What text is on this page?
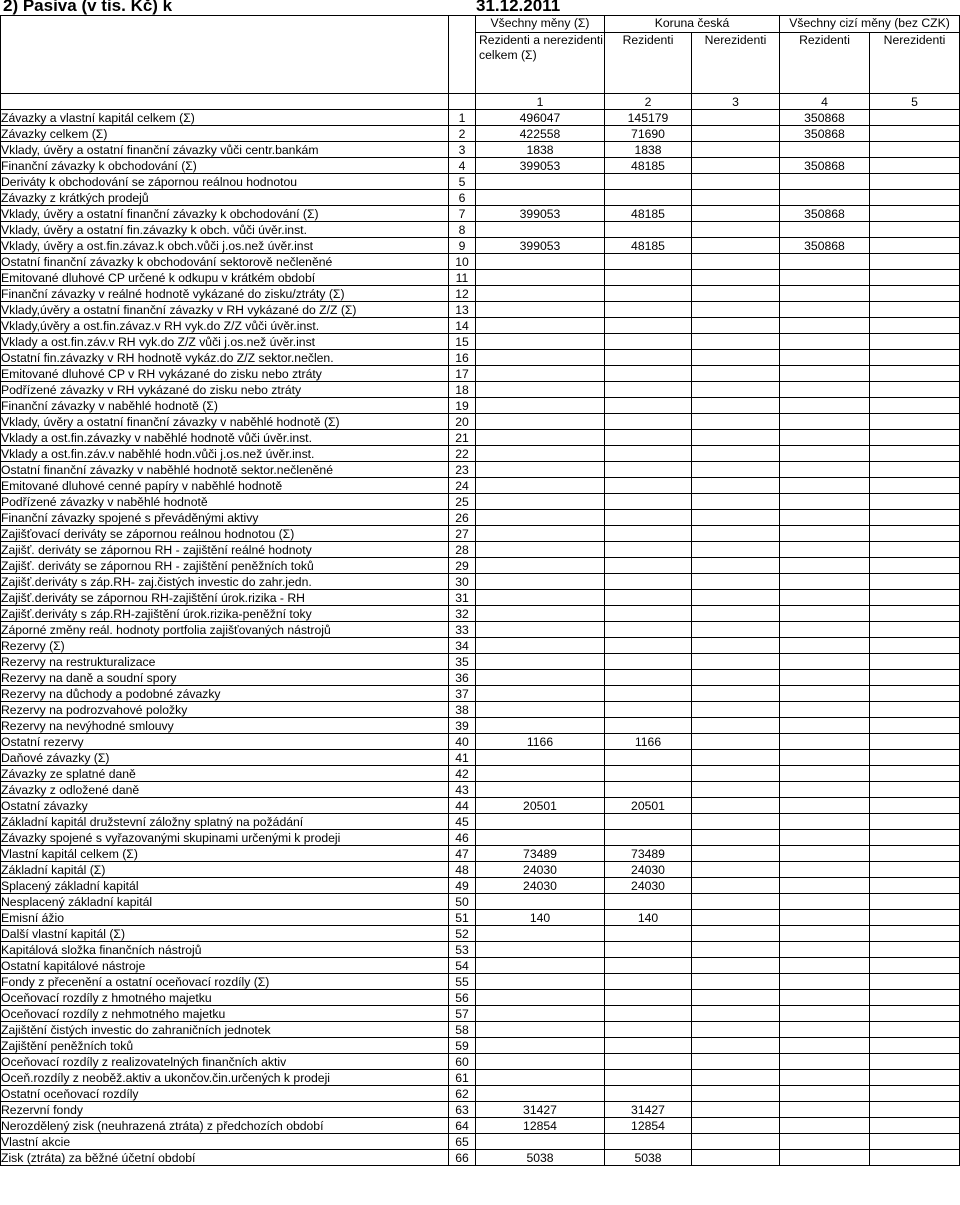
2) Pasiva (v tis. Kč) k	31.12.2011
		Všechny měny (Σ)	Koruna česká		Všechny cizí měny (bez CZK)	
		Rezidenti a nerezidenti celkem (Σ)	Rezidenti	Nerezidenti	Rezidenti	Nerezidenti

		1	2	3	4	5
Závazky a vlastní kapitál celkem (Σ)	1	496047	145179		350868	
Závazky celkem (Σ)	2	422558	71690		350868	
Vklady, úvěry a ostatní finanční závazky vůči centr.bankám	3	1838	1838			
Finanční závazky k obchodování (Σ)	4	399053	48185		350868	
Deriváty k obchodování se zápornou reálnou hodnotou	5					
Závazky z krátkých prodejů	6					
Vklady, úvěry a ostatní finanční závazky k obchodování (Σ)	7	399053	48185		350868	
Vklady, úvěry a ostatní fin.závazky k obch. vůči úvěr.inst.	8					
Vklady, úvěry a ost.fin.závaz.k obch.vůči j.os.než úvěr.inst	9	399053	48185		350868	
Ostatní finanční závazky k obchodování sektorově nečleněné	10					
Emitované dluhové CP určené k odkupu v krátkém období	11					
Finanční závazky v reálné hodnotě vykázané do zisku/ztráty (Σ)	12					
Vklady,úvěry a ostatní finanční závazky v RH vykázané do Z/Z (Σ)	13					
Vklady,úvěry a ost.fin.závaz.v RH vyk.do Z/Z vůči úvěr.inst.	14					
Vklady a ost.fin.záv.v RH vyk.do Z/Z vůči j.os.než úvěr.inst	15					
Ostatní fin.závazky v RH hodnotě vykáz.do Z/Z sektor.nečlen.	16					
Emitované dluhové CP v RH vykázané do zisku nebo ztráty	17					
Podřízené závazky v RH vykázané do zisku nebo ztráty	18					
Finanční závazky v naběhlé hodnotě (Σ)	19					
Vklady, úvěry a ostatní finanční závazky v naběhlé hodnotě (Σ)	20					
Vklady a ost.fin.závazky v naběhlé hodnotě vůči úvěr.inst.	21					
Vklady a ost.fin.záv.v naběhlé hodn.vůči j.os.než úvěr.inst.	22					
Ostatní finanční závazky v naběhlé hodnotě sektor.nečleněné	23					
Emitované dluhové cenné papíry v naběhlé hodnotě	24					
Podřízené závazky v naběhlé hodnotě	25					
Finanční závazky spojené s převáděnými aktivy	26					
Zajišťovací deriváty se zápornou reálnou hodnotou (Σ)	27					
Zajišť. deriváty se zápornou RH - zajištění reálné hodnoty	28					
Zajišť. deriváty se zápornou RH - zajištění peněžních toků	29					
Zajišť.deriváty s záp.RH- zaj.čistých investic do zahr.jedn.	30					
Zajišť.deriváty se zápornou RH-zajištění úrok.rizika - RH	31					
Zajišť.deriváty s záp.RH-zajištění úrok.rizika-peněžní toky	32					
Záporné změny reál. hodnoty portfolia zajišťovaných nástrojů	33					
Rezervy (Σ)	34					
Rezervy na restrukturalizace	35					
Rezervy na daně a soudní spory	36					
Rezervy na důchody a podobné závazky	37					
Rezervy na podrozvahové položky	38					
Rezervy na nevýhodné smlouvy	39					
Ostatní rezervy	40	1166	1166			
Daňové závazky (Σ)	41					
Závazky ze splatné daně	42					
Závazky z odložené daně	43					
Ostatní závazky	44	20501	20501			
Základní kapitál družstevní záložny splatný na požádání	45					
Závazky spojené s vyřazovanými skupinami určenými k prodeji	46					
Vlastní kapitál celkem (Σ)	47	73489	73489			
Základní kapitál (Σ)	48	24030	24030			
Splacený základní kapitál	49	24030	24030			
Nesplacený základní kapitál	50					
Emisní ážio	51	140	140			
Další vlastní kapitál (Σ)	52					
Kapitálová složka finančních nástrojů	53					
Ostatní kapitálové nástroje	54					
Fondy z přecenění a ostatní oceňovací rozdíly (Σ)	55					
Oceňovací rozdíly z hmotného majetku	56					
Oceňovací rozdíly z nehmotného majetku	57					
Zajištění čistých investic do zahraničních jednotek	58					
Zajištění peněžních toků	59					
Oceňovací rozdíly z realizovatelných finančních aktiv	60					
Oceň.rozdíly z neoběž.aktiv a ukončov.čin.určených k prodeji	61					
Ostatní oceňovací rozdíly	62					
Rezervní fondy	63	31427	31427			
Nerozdělený zisk (neuhrazená ztráta) z předchozích období	64	12854	12854			
Vlastní akcie	65					
Zisk (ztráta) za běžné účetní období	66	5038	5038			
